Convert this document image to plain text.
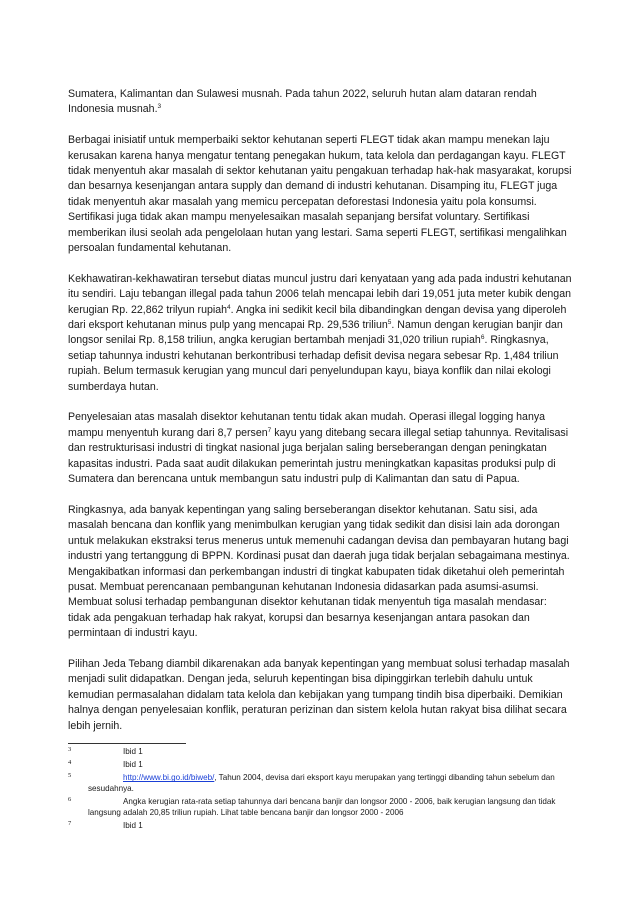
Sumatera, Kalimantan dan Sulawesi musnah. Pada tahun 2022, seluruh hutan alam dataran rendah Indonesia musnah.$^3$

Berbagai inisiatif untuk memperbaiki sektor kehutanan seperti FLEGT tidak akan mampu menekan laju kerusakan karena hanya mengatur tentang penegakan hukum, tata kelola dan perdagangan kayu. FLEGT tidak menyentuh akar masalah di sektor kehutanan yaitu pengakuan terhadap hak-hak masyarakat, korupsi dan besarnya kesenjangan antara supply dan demand di industri kehutanan. Disamping itu, FLEGT juga tidak menyentuh akar masalah yang memicu percepatan deforestasi Indonesia yaitu pola konsumsi. Sertifikasi juga tidak akan mampu menyelesaikan masalah sepanjang bersifat voluntary. Sertifikasi memberikan ilusi seolah ada pengelolaan hutan yang lestari. Sama seperti FLEGT, sertifikasi mengalihkan persoalan fundamental kehutanan.

Kekhawatiran-kekhawatiran tersebut diatas muncul justru dari kenyataan yang ada pada industri kehutanan itu sendiri. Laju tebangan illegal pada tahun 2006 telah mencapai lebih dari 19,051 juta meter kubik dengan kerugian Rp. 22,862 trilyun rupiah$^4$. Angka ini sedikit kecil bila dibandingkan dengan devisa yang diperoleh dari eksport kehutanan minus pulp yang mencapai Rp. 29,536 triliun$^5$. Namun dengan kerugian banjir dan longsor senilai Rp. 8,158 triliun, angka kerugian bertambah menjadi 31,020 triliun rupiah$^6$. Ringkasnya, setiap tahunnya industri kehutanan berkontribusi terhadap defisit devisa negara sebesar Rp. 1,484 triliun rupiah. Belum termasuk kerugian yang muncul dari penyelundupan kayu, biaya konflik dan nilai ekologi sumberdaya hutan.

Penyelesaian atas masalah disektor kehutanan tentu tidak akan mudah. Operasi illegal logging hanya mampu menyentuh kurang dari 8,7 persen$^7$ kayu yang ditebang secara illegal setiap tahunnya. Revitalisasi dan restrukturisasi industri di tingkat nasional juga berjalan saling berseberangan dengan peningkatan kapasitas industri. Pada saat audit dilakukan pemerintah justru meningkatkan kapasitas produksi pulp di Sumatera dan berencana untuk membangun satu industri pulp di Kalimantan dan satu di Papua.

Ringkasnya, ada banyak kepentingan yang saling berseberangan disektor kehutanan. Satu sisi, ada masalah bencana dan konflik yang menimbulkan kerugian yang tidak sedikit dan disisi lain ada dorongan untuk melakukan ekstraksi terus menerus untuk memenuhi cadangan devisa dan pembayaran hutang bagi industri yang tertanggung di BPPN. Kordinasi pusat dan daerah juga tidak berjalan sebagaimana mestinya. Mengakibatkan informasi dan perkembangan industri di tingkat kabupaten tidak diketahui oleh pemerintah pusat. Membuat perencanaan pembangunan kehutanan Indonesia didasarkan pada asumsi-asumsi. Membuat solusi terhadap pembangunan disektor kehutanan tidak menyentuh tiga masalah mendasar: tidak ada pengakuan terhadap hak rakyat, korupsi dan besarnya kesenjangan antara pasokan dan permintaan di industri kayu.

Pilihan Jeda Tebang diambil dikarenakan ada banyak kepentingan yang membuat solusi terhadap masalah menjadi sulit didapatkan. Dengan jeda, seluruh kepentingan bisa dipinggirkan terlebih dahulu untuk kemudian permasalahan didalam tata kelola dan kebijakan yang tumpang tindih bisa diperbaiki. Demikian halnya dengan penyelesaian konflik, peraturan perizinan dan sistem kelola hutan rakyat bisa dilihat secara lebih jernih.

3	Ibid 1
4	Ibid 1
5	http://www.bi.go.id/biweb/, Tahun 2004, devisa dari eksport kayu merupakan yang tertinggi dibanding tahun sebelum dan sesudahnya.
6	Angka kerugian rata-rata setiap tahunnya dari bencana banjir dan longsor 2000 - 2006, baik kerugian langsung dan tidak langsung adalah 20,85 triliun rupiah. Lihat table bencana banjir dan longsor 2000 - 2006
7	Ibid 1
